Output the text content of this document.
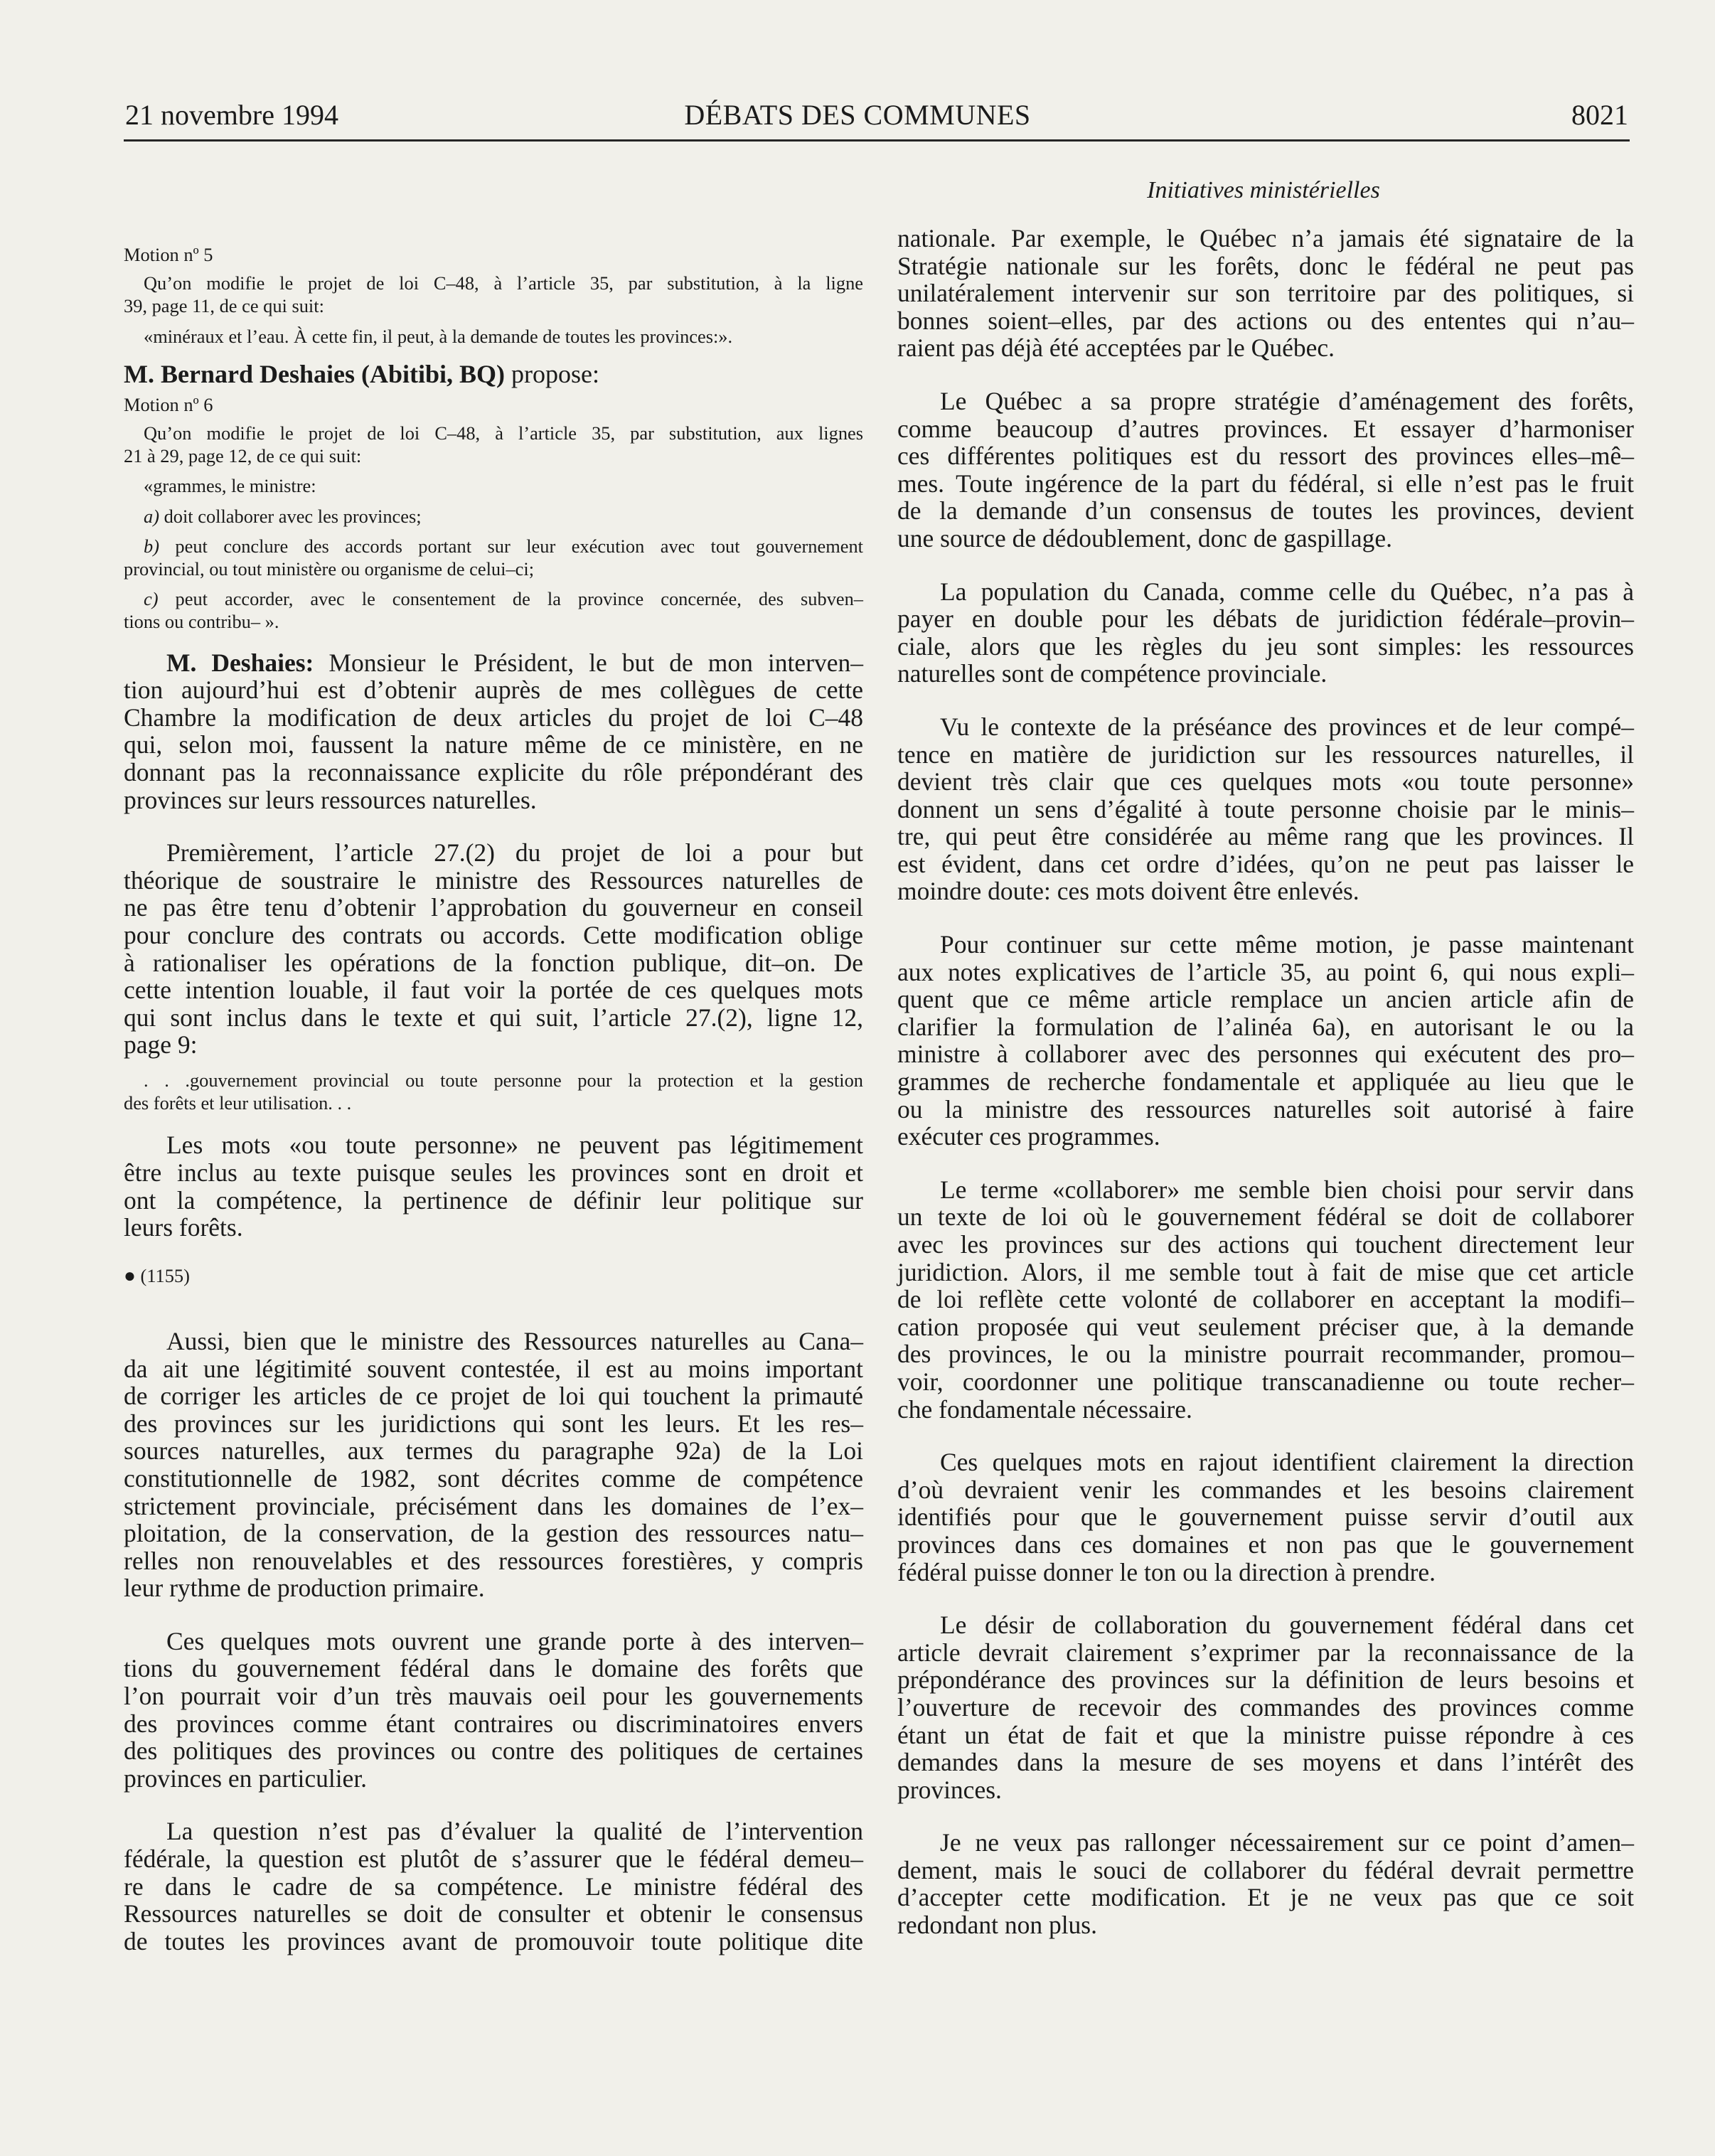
21 novembre 1994	DÉBATS DES COMMUNES	8021
Initiatives ministérielles
Motion nº 5
Qu’on modifie le projet de loi C–48, à l’article 35, par substitution, à la ligne
39, page 11, de ce qui suit:
«minéraux et l’eau. À cette fin, il peut, à la demande de toutes les provinces:».
M. Bernard Deshaies (Abitibi, BQ) propose:
Motion nº 6
Qu’on modifie le projet de loi C–48, à l’article 35, par substitution, aux lignes
21 à 29, page 12, de ce qui suit:
«grammes, le ministre:
a) doit collaborer avec les provinces;
b) peut conclure des accords portant sur leur exécution avec tout gouvernement
provincial, ou tout ministère ou organisme de celui–ci;
c) peut accorder, avec le consentement de la province concernée, des subven–
tions ou contribu– ».
M. Deshaies: Monsieur le Président, le but de mon interven–
tion aujourd’hui est d’obtenir auprès de mes collègues de cette
Chambre la modification de deux articles du projet de loi C–48
qui, selon moi, faussent la nature même de ce ministère, en ne
donnant pas la reconnaissance explicite du rôle prépondérant des
provinces sur leurs ressources naturelles.
Premièrement, l’article 27.(2) du projet de loi a pour but
théorique de soustraire le ministre des Ressources naturelles de
ne pas être tenu d’obtenir l’approbation du gouverneur en conseil
pour conclure des contrats ou accords. Cette modification oblige
à rationaliser les opérations de la fonction publique, dit–on. De
cette intention louable, il faut voir la portée de ces quelques mots
qui sont inclus dans le texte et qui suit, l’article 27.(2), ligne 12,
page 9:
. . .gouvernement provincial ou toute personne pour la protection et la gestion
des forêts et leur utilisation. . .
Les mots «ou toute personne» ne peuvent pas légitimement
être inclus au texte puisque seules les provinces sont en droit et
ont la compétence, la pertinence de définir leur politique sur
leurs forêts.
● (1155)
Aussi, bien que le ministre des Ressources naturelles au Cana–
da ait une légitimité souvent contestée, il est au moins important
de corriger les articles de ce projet de loi qui touchent la primauté
des provinces sur les juridictions qui sont les leurs. Et les res–
sources naturelles, aux termes du paragraphe 92a) de la Loi
constitutionnelle de 1982, sont décrites comme de compétence
strictement provinciale, précisément dans les domaines de l’ex–
ploitation, de la conservation, de la gestion des ressources natu–
relles non renouvelables et des ressources forestières, y compris
leur rythme de production primaire.
Ces quelques mots ouvrent une grande porte à des interven–
tions du gouvernement fédéral dans le domaine des forêts que
l’on pourrait voir d’un très mauvais oeil pour les gouvernements
des provinces comme étant contraires ou discriminatoires envers
des politiques des provinces ou contre des politiques de certaines
provinces en particulier.
La question n’est pas d’évaluer la qualité de l’intervention
fédérale, la question est plutôt de s’assurer que le fédéral demeu–
re dans le cadre de sa compétence. Le ministre fédéral des
Ressources naturelles se doit de consulter et obtenir le consensus
de toutes les provinces avant de promouvoir toute politique dite
nationale. Par exemple, le Québec n’a jamais été signataire de la
Stratégie nationale sur les forêts, donc le fédéral ne peut pas
unilatéralement intervenir sur son territoire par des politiques, si
bonnes soient–elles, par des actions ou des ententes qui n’au–
raient pas déjà été acceptées par le Québec.
Le Québec a sa propre stratégie d’aménagement des forêts,
comme beaucoup d’autres provinces. Et essayer d’harmoniser
ces différentes politiques est du ressort des provinces elles–mê–
mes. Toute ingérence de la part du fédéral, si elle n’est pas le fruit
de la demande d’un consensus de toutes les provinces, devient
une source de dédoublement, donc de gaspillage.
La population du Canada, comme celle du Québec, n’a pas à
payer en double pour les débats de juridiction fédérale–provin–
ciale, alors que les règles du jeu sont simples: les ressources
naturelles sont de compétence provinciale.
Vu le contexte de la préséance des provinces et de leur compé–
tence en matière de juridiction sur les ressources naturelles, il
devient très clair que ces quelques mots «ou toute personne»
donnent un sens d’égalité à toute personne choisie par le minis–
tre, qui peut être considérée au même rang que les provinces. Il
est évident, dans cet ordre d’idées, qu’on ne peut pas laisser le
moindre doute: ces mots doivent être enlevés.
Pour continuer sur cette même motion, je passe maintenant
aux notes explicatives de l’article 35, au point 6, qui nous expli–
quent que ce même article remplace un ancien article afin de
clarifier la formulation de l’alinéa 6a), en autorisant le ou la
ministre à collaborer avec des personnes qui exécutent des pro–
grammes de recherche fondamentale et appliquée au lieu que le
ou la ministre des ressources naturelles soit autorisé à faire
exécuter ces programmes.
Le terme «collaborer» me semble bien choisi pour servir dans
un texte de loi où le gouvernement fédéral se doit de collaborer
avec les provinces sur des actions qui touchent directement leur
juridiction. Alors, il me semble tout à fait de mise que cet article
de loi reflète cette volonté de collaborer en acceptant la modifi–
cation proposée qui veut seulement préciser que, à la demande
des provinces, le ou la ministre pourrait recommander, promou–
voir, coordonner une politique transcanadienne ou toute recher–
che fondamentale nécessaire.
Ces quelques mots en rajout identifient clairement la direction
d’où devraient venir les commandes et les besoins clairement
identifiés pour que le gouvernement puisse servir d’outil aux
provinces dans ces domaines et non pas que le gouvernement
fédéral puisse donner le ton ou la direction à prendre.
Le désir de collaboration du gouvernement fédéral dans cet
article devrait clairement s’exprimer par la reconnaissance de la
prépondérance des provinces sur la définition de leurs besoins et
l’ouverture de recevoir des commandes des provinces comme
étant un état de fait et que la ministre puisse répondre à ces
demandes dans la mesure de ses moyens et dans l’intérêt des
provinces.
Je ne veux pas rallonger nécessairement sur ce point d’amen–
dement, mais le souci de collaborer du fédéral devrait permettre
d’accepter cette modification. Et je ne veux pas que ce soit
redondant non plus.
